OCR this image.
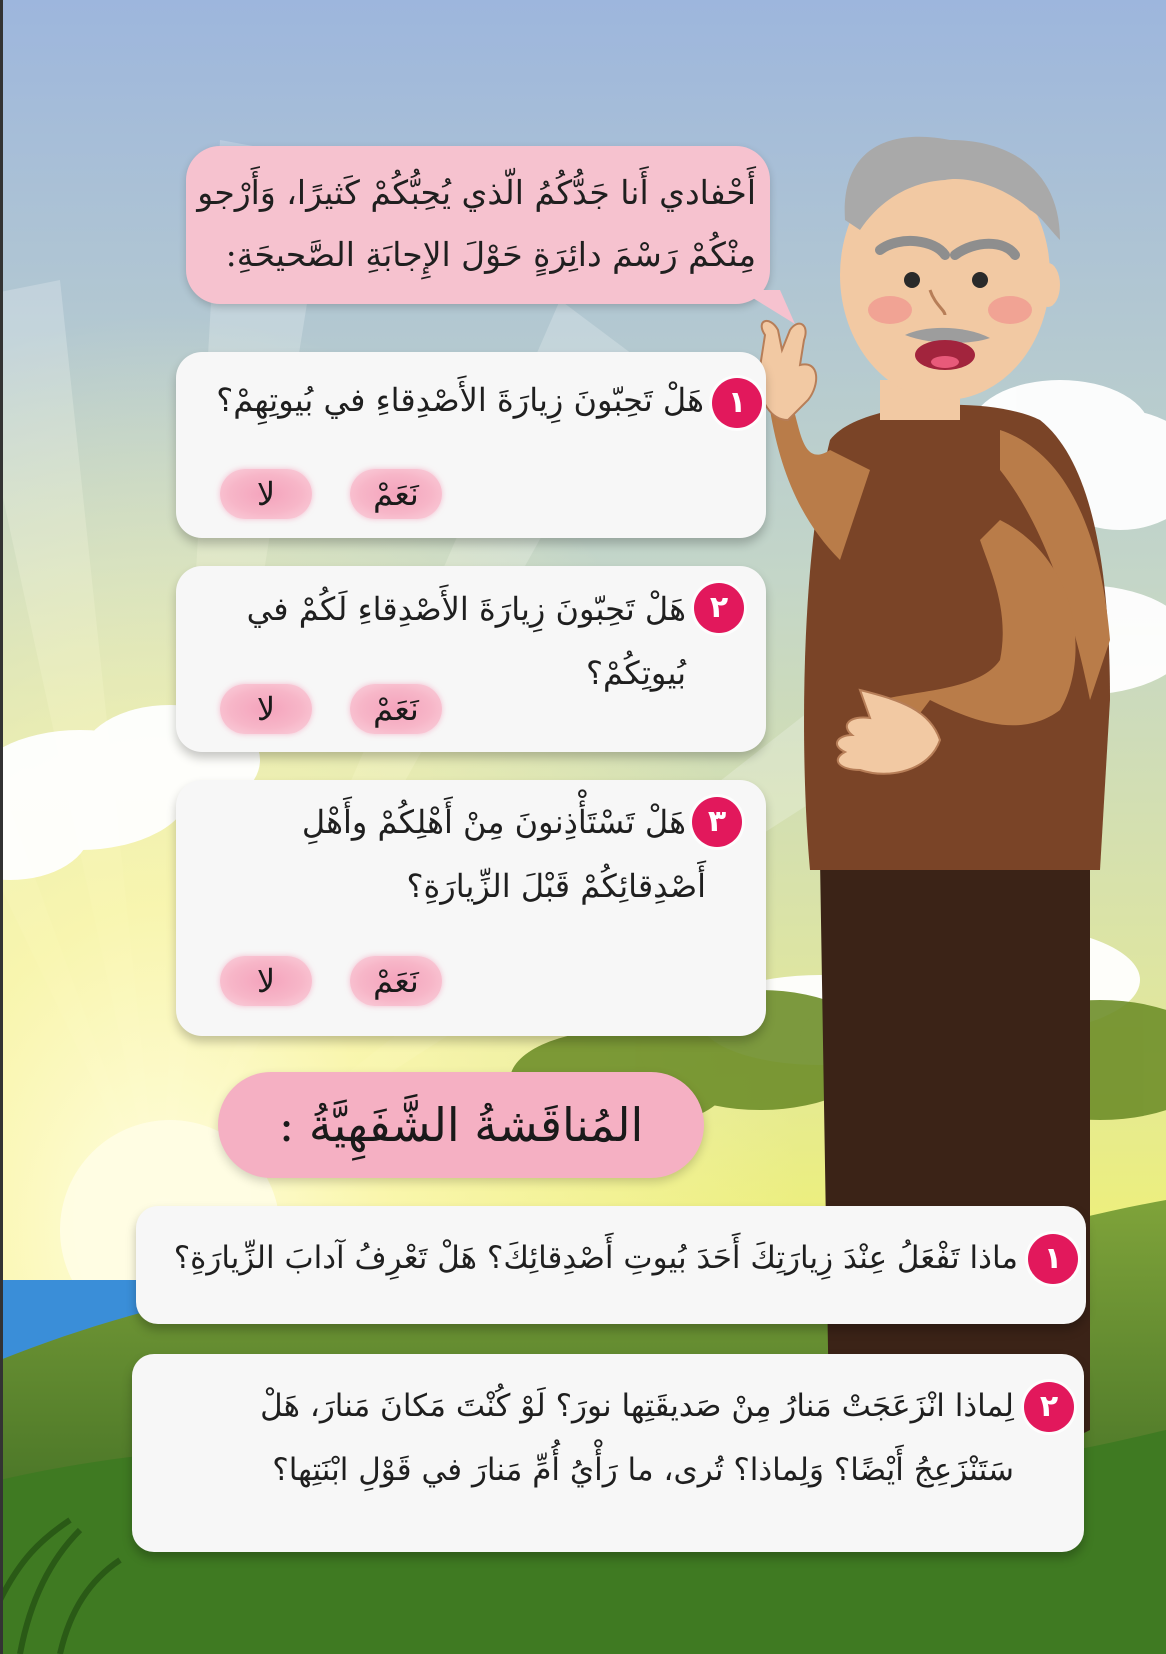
أَحْفادي أَنا جَدُّكُمُ الّذي يُحِبُّكُمْ كَثيرًا، وَأَرْجو
مِنْكُمْ رَسْمَ دائِرَةٍ حَوْلَ الإِجابَةِ الصَّحيحَةِ:
١
هَلْ تَحِبّونَ زِيارَةَ الأَصْدِقاءِ في بُيوتِهِمْ؟
نَعَمْ
لا
٢
هَلْ تَحِبّونَ زِيارَةَ الأَصْدِقاءِ لَكُمْ في
بُيوتِكُمْ؟
نَعَمْ
لا
٣
هَلْ تَسْتَأْذِنونَ مِنْ أَهْلِكُمْ وأَهْلِ
أَصْدِقائِكُمْ قَبْلَ الزِّيارَةِ؟
نَعَمْ
لا
المُناقَشةُ الشَّفَهِيَّةُ :
١
ماذا تَفْعَلُ عِنْدَ زِيارَتِكَ أَحَدَ بُيوتِ أَصْدِقائِكَ؟ هَلْ تَعْرِفُ آدابَ الزِّيارَةِ؟
٢
لِماذا انْزَعَجَتْ مَنارُ مِنْ صَديقَتِها نورَ؟ لَوْ كُنْتَ مَكانَ مَنارَ، هَلْ
سَتَنْزَعِجُ أَيْضًا؟ وَلِماذا؟ تُرى، ما رَأْيُ أُمِّ مَنارَ في قَوْلِ ابْنَتِها؟
